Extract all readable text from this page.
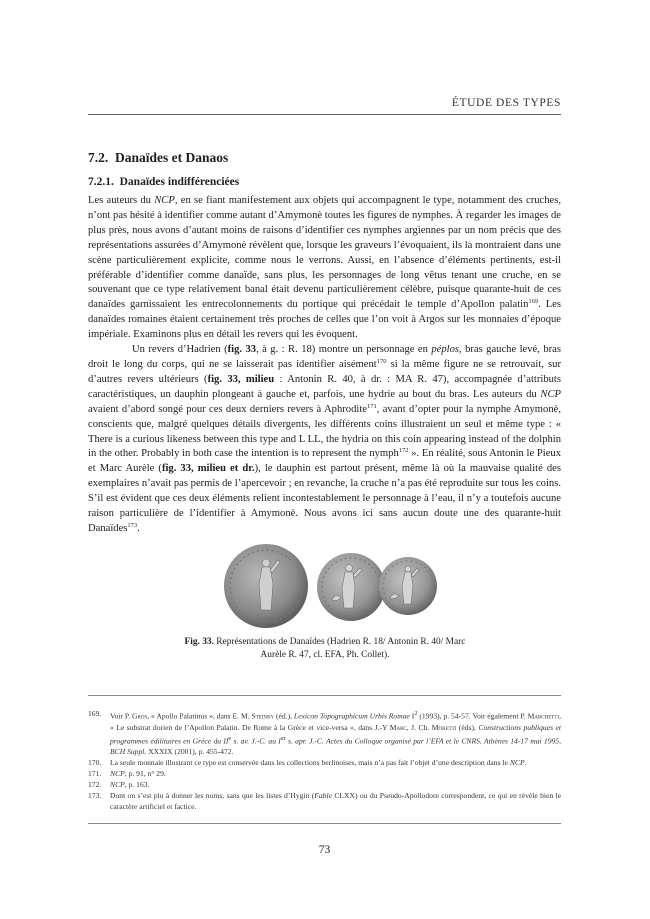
ÉTUDE DES TYPES
7.2. Danaïdes et Danaos
7.2.1. Danaïdes indifférenciées

Les auteurs du NCP, en se fiant manifestement aux objets qui accompagnent le type, notamment des cruches, n’ont pas hésité à identifier comme autant d’Amymonè toutes les figures de nymphes. À regarder les images de plus près, nous avons d’autant moins de raisons d’identifier ces nymphes argiennes par un nom précis que des représentations assurées d’Amymonè révèlent que, lorsque les graveurs l’évoquaient, ils la montraient dans une scène particulièrement explicite, comme nous le verrons. Aussi, en l’absence d’éléments pertinents, est-il préférable d’identifier comme danaïde, sans plus, les personnages de long vêtus tenant une cruche, en se souvenant que ce type relativement banal était devenu particulièrement célèbre, puisque quarante-huit de ces danaïdes garnissaient les entrecolonnements du portique qui précédait le temple d’Apollon palatin$^{169}$. Les danaïdes romaines étaient certainement très proches de celles que l’on voit à Argos sur les monnaies d’époque impériale. Examinons plus en détail les revers qui les évoquent.

Un revers d’Hadrien (fig. 33, à g. : R. 18) montre un personnage en péplos, bras gauche levé, bras droit le long du corps, qui ne se laisserait pas identifier aisément$^{170}$ si la même figure ne se retrouvait, sur d’autres revers ultérieurs (fig. 33, milieu : Antonin R. 40, à dr. : MA R. 47), accompagnée d’attributs caractéristiques, un dauphin plongeant à gauche et, parfois, une hydrie au bout du bras. Les auteurs du NCP avaient d’abord songé pour ces deux derniers revers à Aphrodite$^{171}$, avant d’opter pour la nymphe Amymonè, conscients que, malgré quelques détails divergents, les différents coins illustraient un seul et même type : « There is a curious likeness between this type and L LL, the hydria on this coin appearing instead of the dolphin in the other. Probably in both case the intention is to represent the nymph$^{172}$ ». En réalité, sous Antonin le Pieux et Marc Aurèle (fig. 33, milieu et dr.), le dauphin est partout présent, même là où la mauvaise qualité des exemplaires n’avait pas permis de l’apercevoir ; en revanche, la cruche n’a pas été reproduite sur tous les coins. S’il est évident que ces deux éléments relient incontestablement le personnage à l’eau, il n’y a toutefois aucune raison particulière de l’identifier à Amymonè. Nous avons ici sans aucun doute une des quarante-huit Danaïdes$^{173}$.

Fig. 33. Représentations de Danaïdes (Hadrien R. 18/ Antonin R. 40/ Marc Aurèle R. 47, cl. EFA, Ph. Collet).
169.	Voir P. Gros, « Apollo Palatinus », dans E. M. Steinby (éd.), Lexicon Topographicum Urbis Romae $I^2$ (1993), p. 54-57. Voir également P. Marchetti, « Le substrat dorien de l’Apollon Palatin. De Rome à la Grèce et vice-versa », dans J.-Y Marc, J. Ch. Moretti (éds), Constructions publiques et programmes édilitaires en Grèce du IIe s. av. J.-C. au Ier s. apr. J.-C. Actes du Colloque organisé par l’EFA et le CNRS, Athènes 14-17 mai 1995, BCH Suppl. XXXIX (2001), p. 455-472.
170.	La seule monnaie illustrant ce type est conservée dans les collections berlinoises, mais n’a pas fait l’objet d’une description dans le NCP.
171.	NCP, p. 91, n° 29.
172.	NCP, p. 163.
173.	Dont on s’est plu à donner les noms, sans que les listes d’Hygin (Fable CLXX) ou du Pseudo-Apollodore correspondent, ce qui en révèle bien le caractère artificiel et factice.
73
